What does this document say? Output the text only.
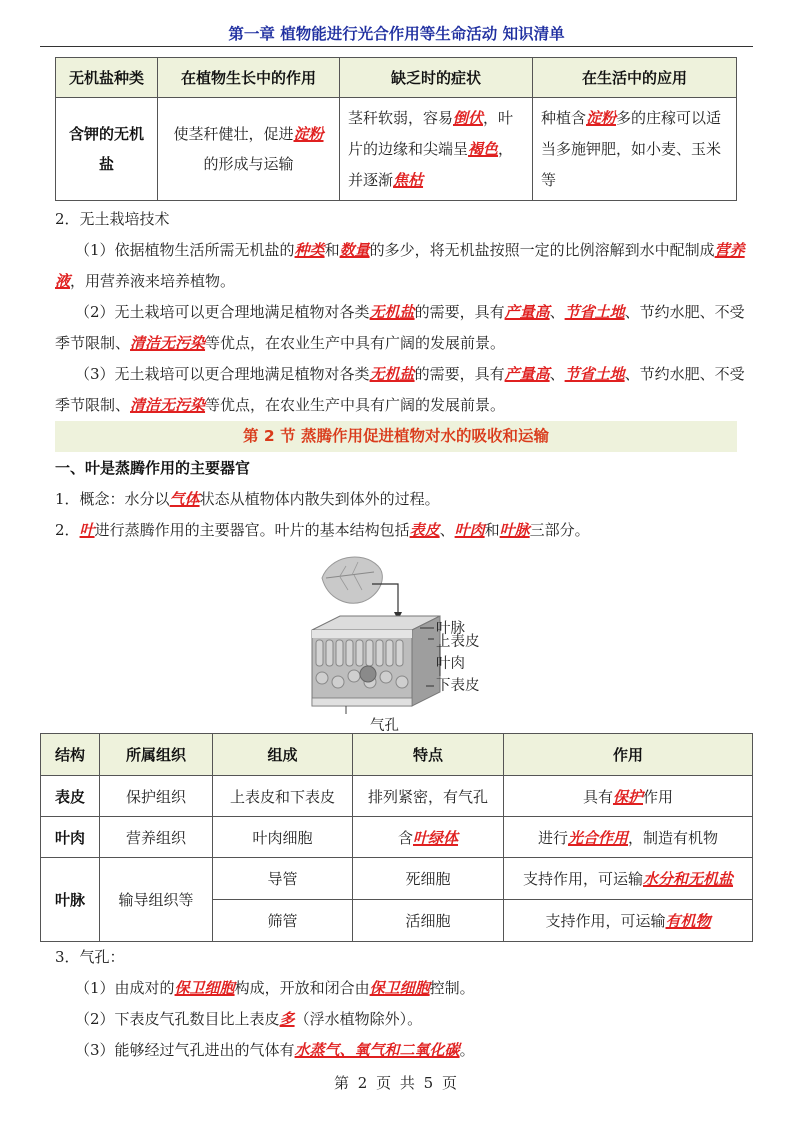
第一章 植物能进行光合作用等生命活动 知识清单
无机盐种类	在植物生长中的作用	缺乏时的症状	在生活中的应用
含钾的无机盐	使茎秆健壮，促进淀粉的形成与运输	茎秆软弱，容易倒伏，叶片的边缘和尖端呈褐色，并逐渐焦枯	种植含淀粉多的庄稼可以适当多施钾肥，如小麦、玉米等
2．无土栽培技术
（1）依据植物生活所需无机盐的种类和数量的多少，将无机盐按照一定的比例溶解到水中配制成营养液，用营养液来培养植物。
（2）无土栽培可以更合理地满足植物对各类无机盐的需要，具有产量高、节省土地、节约水肥、不受季节限制、清洁无污染等优点，在农业生产中具有广阔的发展前景。
（3）无土栽培可以更合理地满足植物对各类无机盐的需要，具有产量高、节省土地、节约水肥、不受季节限制、清洁无污染等优点，在农业生产中具有广阔的发展前景。
第 2 节 蒸腾作用促进植物对水的吸收和运输
一、叶是蒸腾作用的主要器官
1．概念：水分以气体状态从植物体内散失到体外的过程。
2．叶进行蒸腾作用的主要器官。叶片的基本结构包括表皮、叶肉和叶脉三部分。
叶脉
上表皮
叶肉
下表皮
气孔
结构	所属组织	组成	特点	作用
表皮	保护组织	上表皮和下表皮	排列紧密，有气孔	具有保护作用
叶肉	营养组织	叶肉细胞	含叶绿体	进行光合作用，制造有机物
叶脉	输导组织等	导管	死细胞	支持作用，可运输水分和无机盐
		筛管	活细胞	支持作用，可运输有机物
3．气孔：
（1）由成对的保卫细胞构成，开放和闭合由保卫细胞控制。
（2）下表皮气孔数目比上表皮多（浮水植物除外）。
（3）能够经过气孔进出的气体有水蒸气、氧气和二氧化碳。
第 2 页 共 5 页
